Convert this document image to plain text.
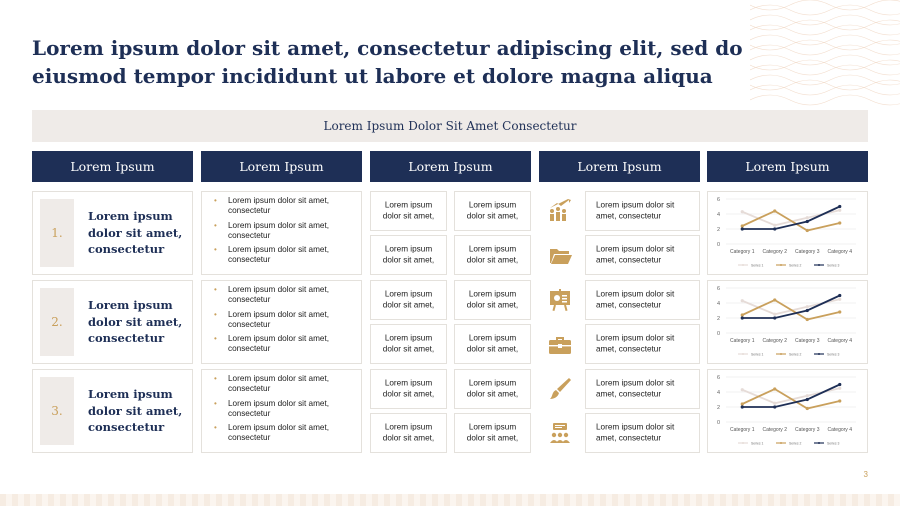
Lorem ipsum dolor sit amet, consectetur adipiscing elit, sed do eiusmod tempor incididunt ut labore et dolore magna aliqua
Lorem Ipsum Dolor Sit Amet Consectetur
Lorem Ipsum	Lorem Ipsum	Lorem Ipsum	Lorem Ipsum	Lorem Ipsum
1.
Lorem ipsum dolor sit amet, consectetur
• Lorem ipsum dolor sit amet, consectetur
• Lorem ipsum dolor sit amet, consectetur
• Lorem ipsum dolor sit amet, consectetur
Lorem ipsum dolor sit amet,
Lorem ipsum dolor sit amet,
Lorem ipsum dolor sit amet,
Lorem ipsum dolor sit amet,
Lorem ipsum dolor sit amet, consectetur
Lorem ipsum dolor sit amet, consectetur
0
2
4
6
Category 1 Category 2 Category 3 Category 4
Series 1	Series 2	Series 3
2.
Lorem ipsum dolor sit amet, consectetur
• Lorem ipsum dolor sit amet, consectetur
• Lorem ipsum dolor sit amet, consectetur
• Lorem ipsum dolor sit amet, consectetur
Lorem ipsum dolor sit amet,
Lorem ipsum dolor sit amet,
Lorem ipsum dolor sit amet,
Lorem ipsum dolor sit amet,
Lorem ipsum dolor sit amet, consectetur
Lorem ipsum dolor sit amet, consectetur
0
2
4
6
Category 1 Category 2 Category 3 Category 4
Series 1	Series 2	Series 3
3.
Lorem ipsum dolor sit amet, consectetur
• Lorem ipsum dolor sit amet, consectetur
• Lorem ipsum dolor sit amet, consectetur
• Lorem ipsum dolor sit amet, consectetur
Lorem ipsum dolor sit amet,
Lorem ipsum dolor sit amet,
Lorem ipsum dolor sit amet,
Lorem ipsum dolor sit amet,
Lorem ipsum dolor sit amet, consectetur
Lorem ipsum dolor sit amet, consectetur
0
2
4
6
Category 1 Category 2 Category 3 Category 4
Series 1	Series 2	Series 3
3
